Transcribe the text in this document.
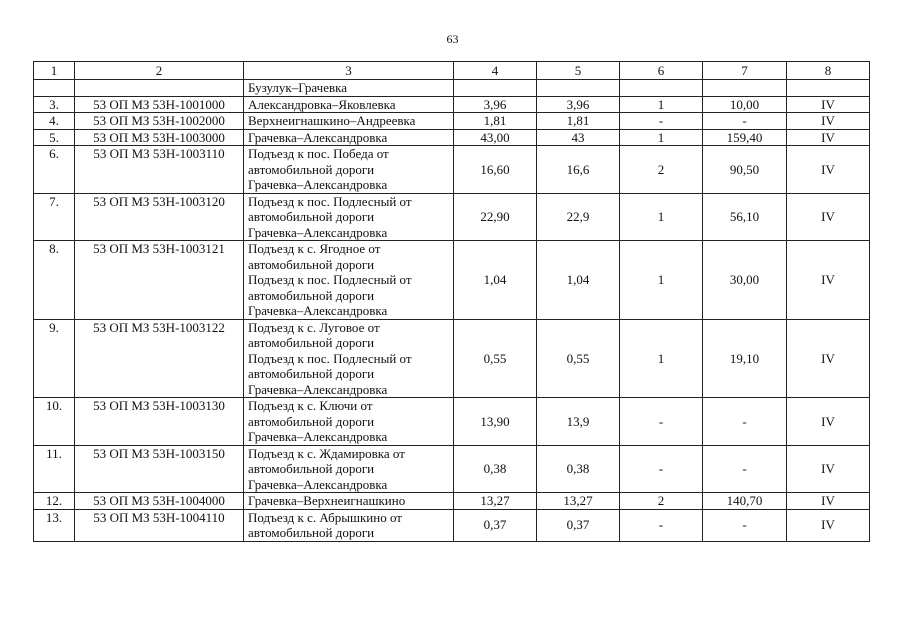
63
1	2	3	4	5	6	7	8
		Бузулук–Грачевка					
3.	53 ОП МЗ 53Н-1001000	Александровка–Яковлевка	3,96	3,96	1	10,00	IV
4.	53 ОП МЗ 53Н-1002000	Верхнеигнашкино–Андреевка	1,81	1,81	-	-	IV
5.	53 ОП МЗ 53Н-1003000	Грачевка–Александровка	43,00	43	1	159,40	IV
6.	53 ОП МЗ 53Н-1003110	Подъезд к пос. Победа от
автомобильной дороги
Грачевка–Александровка	16,60	16,6	2	90,50	IV
7.	53 ОП МЗ 53Н-1003120	Подъезд к пос. Подлесный от
автомобильной дороги
Грачевка–Александровка	22,90	22,9	1	56,10	IV
8.	53 ОП МЗ 53Н-1003121	Подъезд к с. Ягодное от
автомобильной дороги
Подъезд к пос. Подлесный от
автомобильной дороги
Грачевка–Александровка	1,04	1,04	1	30,00	IV
9.	53 ОП МЗ 53Н-1003122	Подъезд к с. Луговое от
автомобильной дороги
Подъезд к пос. Подлесный от
автомобильной дороги
Грачевка–Александровка	0,55	0,55	1	19,10	IV
10.	53 ОП МЗ 53Н-1003130	Подъезд к с. Ключи от
автомобильной дороги
Грачевка–Александровка	13,90	13,9	-	-	IV
11.	53 ОП МЗ 53Н-1003150	Подъезд к с. Ждамировка от
автомобильной дороги
Грачевка–Александровка	0,38	0,38	-	-	IV
12.	53 ОП МЗ 53Н-1004000	Грачевка–Верхнеигнашкино	13,27	13,27	2	140,70	IV
13.	53 ОП МЗ 53Н-1004110	Подъезд к с. Абрышкино от
автомобильной дороги	0,37	0,37	-	-	IV
